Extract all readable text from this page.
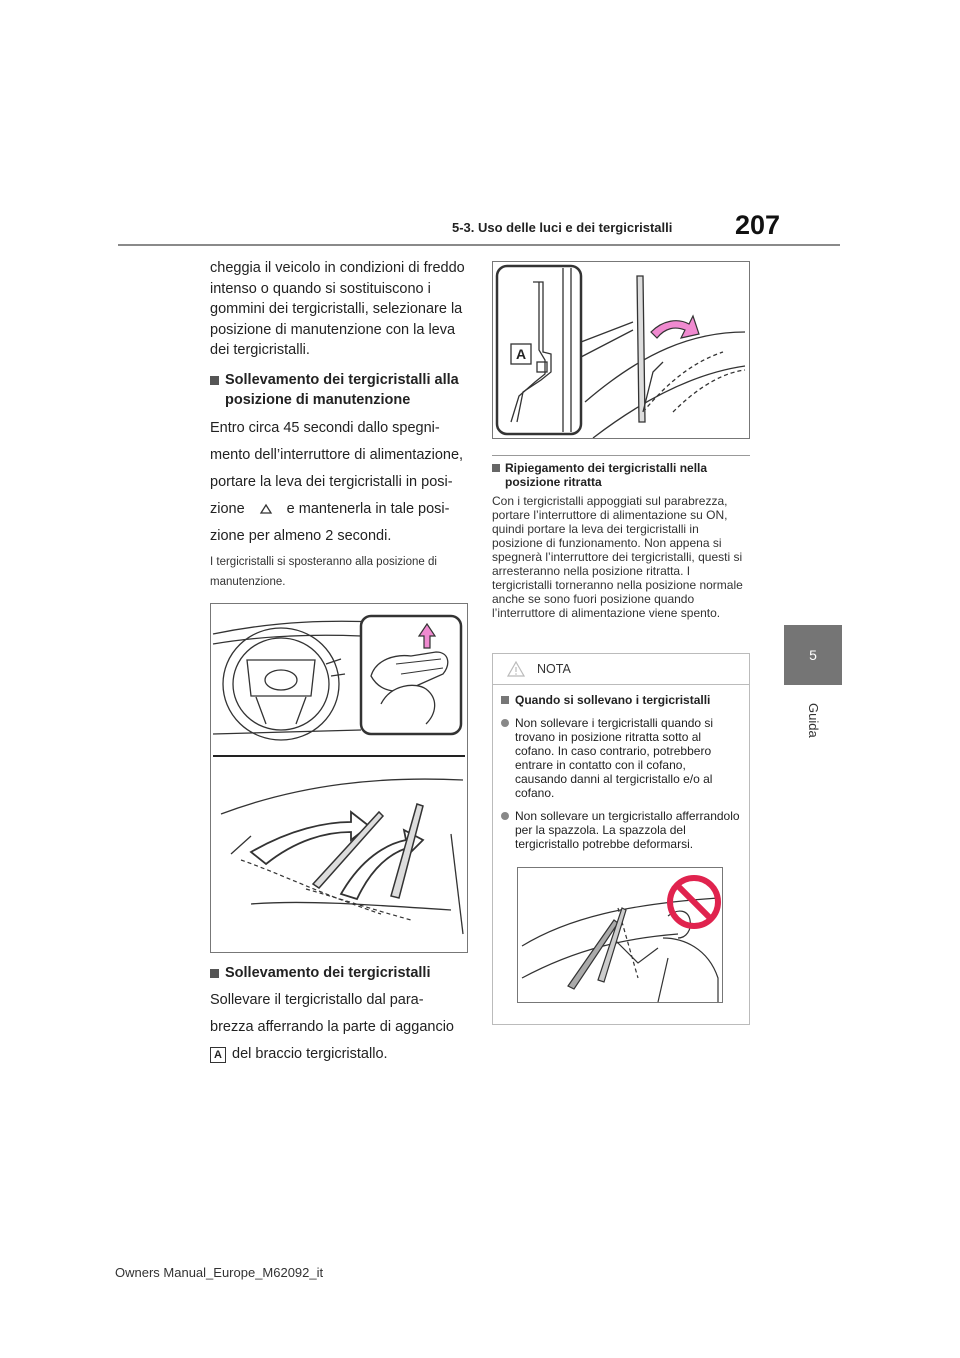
5-3. Uso delle luci e dei tergicristalli 207
5
Guida

cheggia il veicolo in condizioni di freddo intenso o quando si sostituiscono i gommini dei tergicristalli, selezionare la posizione di manutenzione con la leva dei tergicristalli.

Sollevamento dei tergicristalli alla posizione di manutenzione

Entro circa 45 secondi dallo spegni-
mento dell’interruttore di alimentazione,
portare la leva dei tergicristalli in posi-
zione	e mantenerla in tale posi-
zione per almeno 2 secondi.

I tergicristalli si sposteranno alla posizione di manutenzione.

Sollevamento dei tergicristalli

Sollevare il tergicristallo dal para-
brezza afferrando la parte di aggancio
A del braccio tergicristallo.
A

Ripiegamento dei tergicristalli nella posizione ritratta

Con i tergicristalli appoggiati sul parabrezza, portare l’interruttore di alimentazione su ON, quindi portare la leva dei tergicristalli in posizione di funzionamento. Non appena si spegnerà l’interruttore dei tergicristalli, questi si arresteranno nella posizione ritratta. I tergicristalli torneranno nella posizione normale anche se sono fuori posizione quando l’interruttore di alimentazione viene spento.

NOTA
Quando si sollevano i tergicristalli
Non sollevare i tergicristalli quando si trovano in posizione ritratta sotto al cofano. In caso contrario, potrebbero entrare in contatto con il cofano, causando danni al tergicristallo e/o al cofano.
Non sollevare un tergicristallo afferrandolo per la spazzola. La spazzola del tergicristallo potrebbe deformarsi.
Owners Manual_Europe_M62092_it
